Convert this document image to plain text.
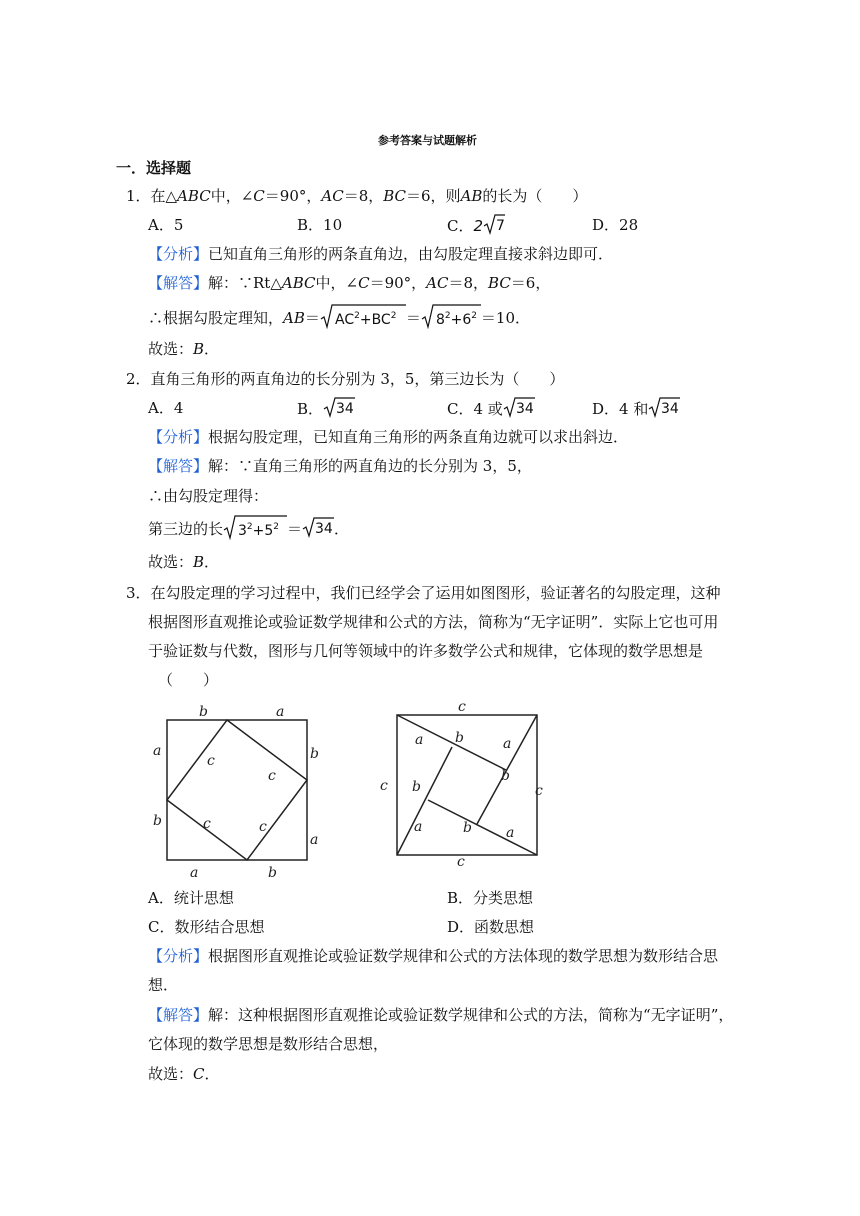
参考答案与试题解析
一．选择题
1．在△ABC中，∠C＝90°，AC＝8，BC＝6，则AB的长为（　　）
A．5	B．10	C．2 7	D．28
【分析】已知直角三角形的两条直角边，由勾股定理直接求斜边即可．
【解答】解：∵Rt△ABC中，∠C＝90°，AC＝8，BC＝6，
∴根据勾股定理知，$AB= AC^2+BC^2 = 8^2+6^2 =10$．
故选：B．
2．直角三角形的两直角边的长分别为 3，5，第三边长为（　　）
A．4	B． 34	C．4 或 34	D．4 和 34
【分析】根据勾股定理，已知直角三角形的两条直角边就可以求出斜边．
【解答】解：∵直角三角形的两直角边的长分别为 3，5，
∴由勾股定理得：
第三边的长 $3^2+5^2 = 34$ ．
故选：B．
3．在勾股定理的学习过程中，我们已经学会了运用如图图形，验证著名的勾股定理，这种
根据图形直观推论或验证数学规律和公式的方法，简称为“无字证明”．实际上它也可用
于验证数与代数，图形与几何等领域中的许多数学公式和规律，它体现的数学思想是
（　　）
b	a
a	b
c
c
b	c	c
a
a	b
c
a b	a
b
c b	c
a	b a
c
A．统计思想	B．分类思想
C．数形结合思想	D．函数思想
【分析】根据图形直观推论或验证数学规律和公式的方法体现的数学思想为数形结合思
想．
【解答】解：这种根据图形直观推论或验证数学规律和公式的方法，简称为“无字证明”，
它体现的数学思想是数形结合思想，
故选：C．
